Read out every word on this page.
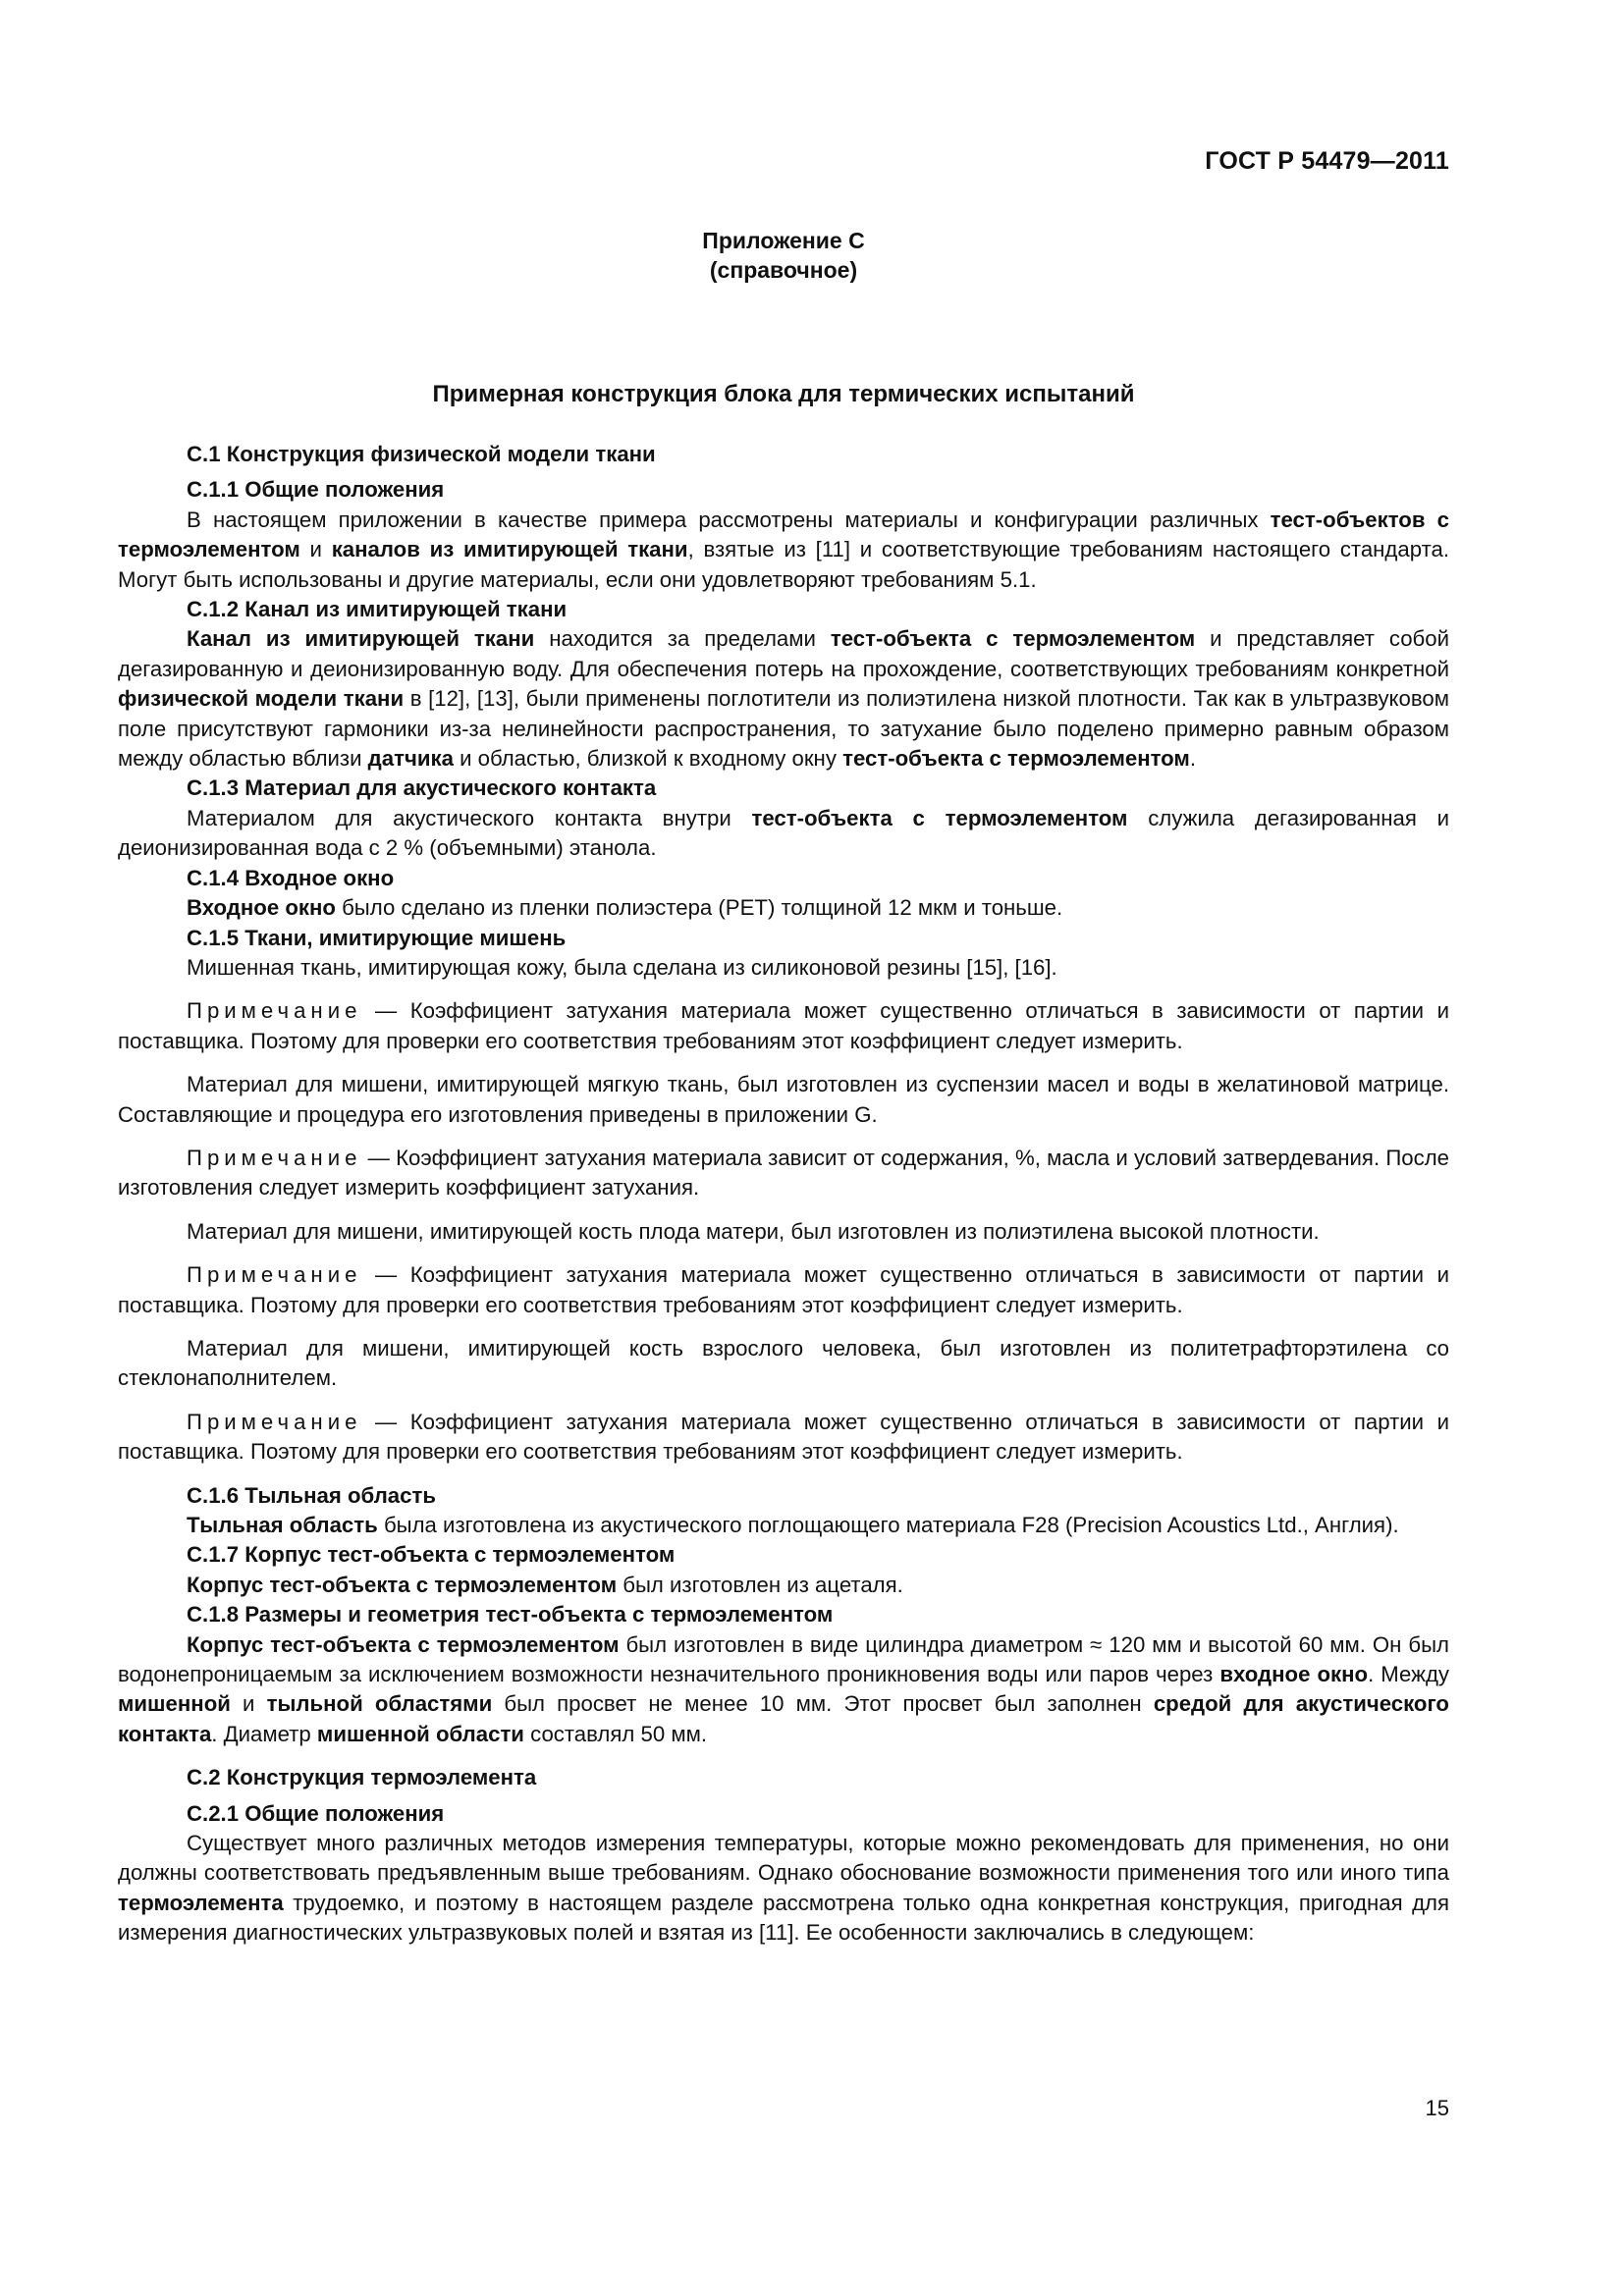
ГОСТ Р 54479—2011
Приложение С
(справочное)
Примерная конструкция блока для термических испытаний
С.1 Конструкция физической модели ткани
С.1.1 Общие положения
В настоящем приложении в качестве примера рассмотрены материалы и конфигурации различных тест-объектов с термоэлементом и каналов из имитирующей ткани, взятые из [11] и соответствующие требованиям настоящего стандарта. Могут быть использованы и другие материалы, если они удовлетворяют требованиям 5.1.
С.1.2 Канал из имитирующей ткани
Канал из имитирующей ткани находится за пределами тест-объекта с термоэлементом и представляет собой дегазированную и деионизированную воду. Для обеспечения потерь на прохождение, соответствующих требованиям конкретной физической модели ткани в [12], [13], были применены поглотители из полиэтилена низкой плотности. Так как в ультразвуковом поле присутствуют гармоники из-за нелинейности распространения, то затухание было поделено примерно равным образом между областью вблизи датчика и областью, близкой к входному окну тест-объекта с термоэлементом.
С.1.3 Материал для акустического контакта
Материалом для акустического контакта внутри тест-объекта с термоэлементом служила дегазированная и деионизированная вода с 2 % (объемными) этанола.
С.1.4 Входное окно
Входное окно было сделано из пленки полиэстера (PET) толщиной 12 мкм и тоньше.
С.1.5 Ткани, имитирующие мишень
Мишенная ткань, имитирующая кожу, была сделана из силиконовой резины [15], [16].
Примечание — Коэффициент затухания материала может существенно отличаться в зависимости от партии и поставщика. Поэтому для проверки его соответствия требованиям этот коэффициент следует измерить.
Материал для мишени, имитирующей мягкую ткань, был изготовлен из суспензии масел и воды в желатиновой матрице. Составляющие и процедура его изготовления приведены в приложении G.
Примечание — Коэффициент затухания материала зависит от содержания, %, масла и условий затвердевания. После изготовления следует измерить коэффициент затухания.
Материал для мишени, имитирующей кость плода матери, был изготовлен из полиэтилена высокой плотности.
Примечание — Коэффициент затухания материала может существенно отличаться в зависимости от партии и поставщика. Поэтому для проверки его соответствия требованиям этот коэффициент следует измерить.
Материал для мишени, имитирующей кость взрослого человека, был изготовлен из политетрафторэтилена со стеклонаполнителем.
Примечание — Коэффициент затухания материала может существенно отличаться в зависимости от партии и поставщика. Поэтому для проверки его соответствия требованиям этот коэффициент следует измерить.
С.1.6 Тыльная область
Тыльная область была изготовлена из акустического поглощающего материала F28 (Precision Acoustics Ltd., Англия).
С.1.7 Корпус тест-объекта с термоэлементом
Корпус тест-объекта с термоэлементом был изготовлен из ацеталя.
С.1.8 Размеры и геометрия тест-объекта с термоэлементом
Корпус тест-объекта с термоэлементом был изготовлен в виде цилиндра диаметром ≈ 120 мм и высотой 60 мм. Он был водонепроницаемым за исключением возможности незначительного проникновения воды или паров через входное окно. Между мишенной и тыльной областями был просвет не менее 10 мм. Этот просвет был заполнен средой для акустического контакта. Диаметр мишенной области составлял 50 мм.
С.2 Конструкция термоэлемента
С.2.1 Общие положения
Существует много различных методов измерения температуры, которые можно рекомендовать для применения, но они должны соответствовать предъявленным выше требованиям. Однако обоснование возможности применения того или иного типа термоэлемента трудоемко, и поэтому в настоящем разделе рассмотрена только одна конкретная конструкция, пригодная для измерения диагностических ультразвуковых полей и взятая из [11]. Ее особенности заключались в следующем:
15
